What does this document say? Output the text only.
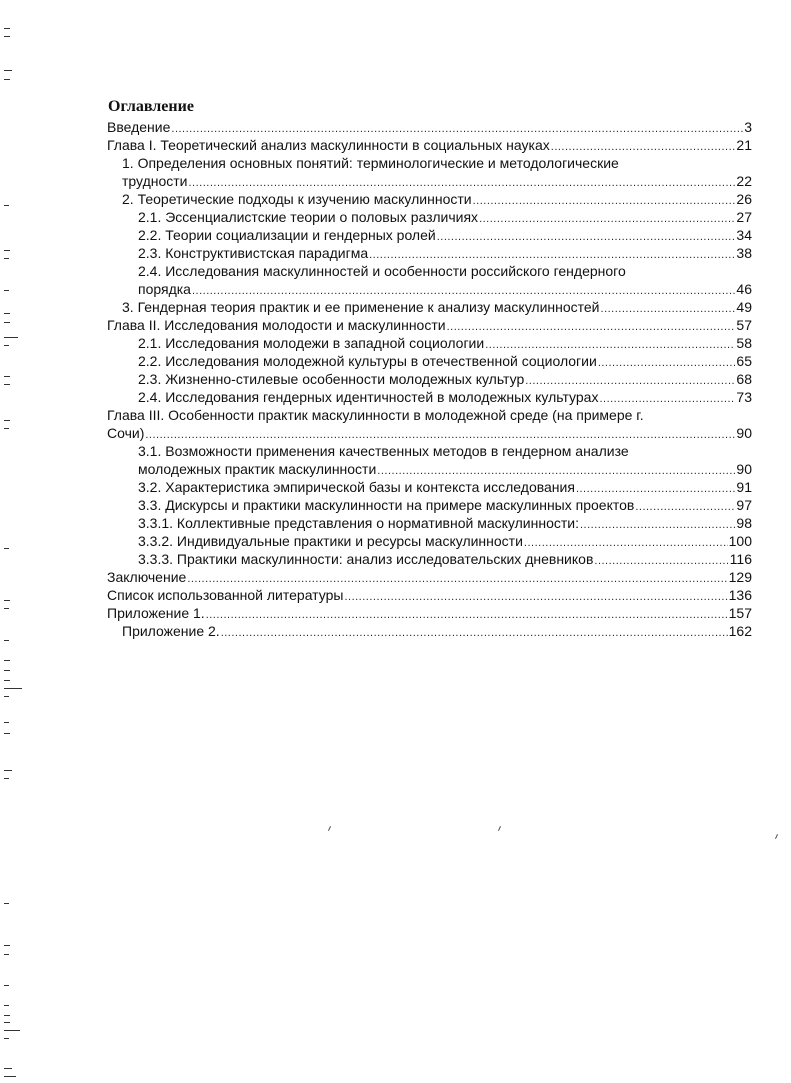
Оглавление
Введение .....	3
Глава I. Теоретический анализ маскулинности в социальных науках .....	21
1. Определения основных понятий: терминологические и методологические
трудности .....	22
2. Теоретические подходы к изучению маскулинности .....	26
2.1. Эссенциалистские теории о половых различиях .....	27
2.2. Теории социализации и гендерных ролей .....	34
2.3. Конструктивистская парадигма .....	38
2.4. Исследования маскулинностей и особенности российского гендерного
порядка .....	46
3. Гендерная теория практик и ее применение к анализу маскулинностей .....	49
Глава II. Исследования молодости и маскулинности .....	57
2.1. Исследования молодежи в западной социологии .....	58
2.2. Исследования молодежной культуры в отечественной социологии .....	65
2.3. Жизненно-стилевые особенности молодежных культур .....	68
2.4. Исследования гендерных идентичностей в молодежных культурах .....	73
Глава III. Особенности практик маскулинности в молодежной среде (на примере г.
Сочи) .....	90
3.1. Возможности применения качественных методов в гендерном анализе
молодежных практик маскулинности .....	90
3.2. Характеристика эмпирической базы и контекста исследования .....	91
3.3. Дискурсы и практики маскулинности на примере маскулинных проектов .....	97
3.3.1. Коллективные представления о нормативной маскулинности: .....	98
3.3.2. Индивидуальные практики и ресурсы маскулинности .....	100
3.3.3. Практики маскулинности: анализ исследовательских дневников .....	116
Заключение .....	129
Список использованной литературы .....	136
Приложение 1. .....	157
Приложение 2. .....	162
